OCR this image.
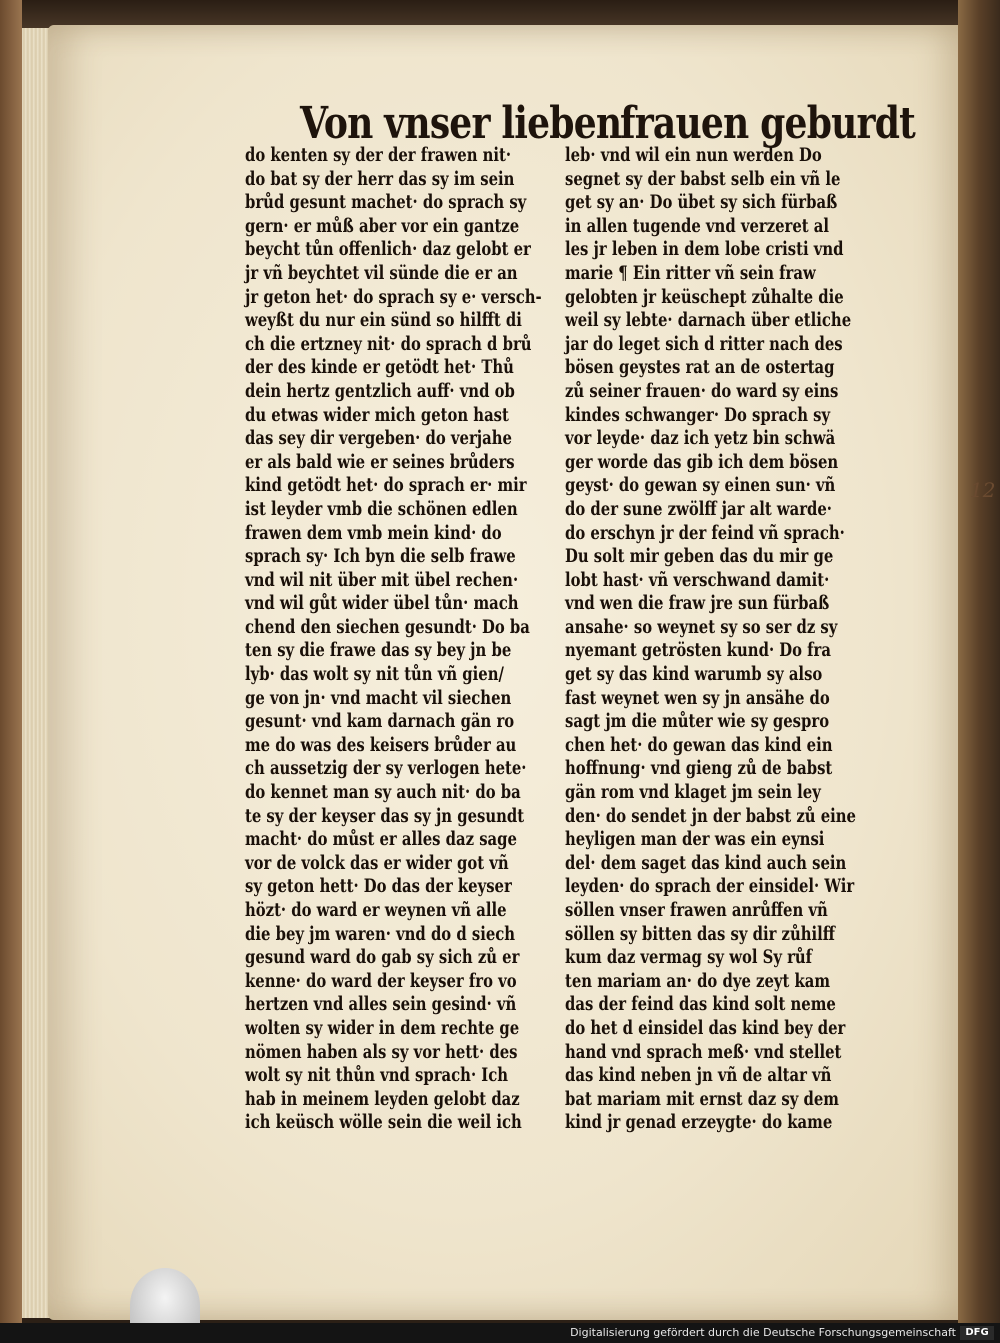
Von vnser lieben
frauen geburdt
do kenten sy der der frawen nit·
do bat sy der herr das sy im sein
brůd gesunt machet· do sprach sy
gern· er můß aber vor ein gantze
beycht tůn offenlich· daz gelobt er
jr vñ beychtet vil sünde die er an
jr geton het· do sprach sy e· versch-
weyßt du nur ein sünd so hilfft di
ch die ertzney nit· do sprach d brů
der des kinde er getödt het· Thů
dein hertz gentzlich auff· vnd ob
du etwas wider mich geton hast
das sey dir vergeben· do verjahe
er als bald wie er seines brůders
kind getödt het· do sprach er· mir
ist leyder vmb die schönen edlen
frawen dem vmb mein kind· do
sprach sy· Ich byn die selb frawe
vnd wil nit über mit übel rechen·
vnd wil gůt wider übel tůn· mach
chend den siechen gesundt· Do ba
ten sy die frawe das sy bey jn be
lyb· das wolt sy nit tůn vñ gien/
ge von jn· vnd macht vil siechen
gesunt· vnd kam darnach gän ro
me do was des keisers brůder au
ch aussetzig der sy verlogen hete·
do kennet man sy auch nit· do ba
te sy der keyser das sy jn gesundt
macht· do můst er alles daz sage
vor de volck das er wider got vñ
sy geton hett· Do das der keyser
hözt· do ward er weynen vñ alle
die bey jm waren· vnd do d siech
gesund ward do gab sy sich zů er
kenne· do ward der keyser fro vo
hertzen vnd alles sein gesind· vñ
wolten sy wider in dem rechte ge
nömen haben als sy vor hett· des
wolt sy nit thůn vnd sprach· Ich
hab in meinem leyden gelobt daz
ich keüsch wölle sein die weil ich
leb· vnd wil ein nun werden Do
segnet sy der babst selb ein vñ le
get sy an· Do übet sy sich fürbaß
in allen tugende vnd verzeret al
les jr leben in dem lobe cristi vnd
marie ¶ Ein ritter vñ sein fraw
gelobten jr keüschept zůhalte die
weil sy lebte· darnach über etliche
jar do leget sich d ritter nach des
bösen geystes rat an de ostertag
zů seiner frauen· do ward sy eins
kindes schwanger· Do sprach sy
vor leyde· daz ich yetz bin schwä
ger worde das gib ich dem bösen
geyst· do gewan sy einen sun· vñ
do der sune zwölff jar alt warde·
do erschyn jr der feind vñ sprach·
Du solt mir geben das du mir ge
lobt hast· vñ verschwand damit·
vnd wen die fraw jre sun fürbaß
ansahe· so weynet sy so ser dz sy
nyemant getrösten kund· Do fra
get sy das kind warumb sy also
fast weynet wen sy jn ansähe do
sagt jm die můter wie sy gespro
chen het· do gewan das kind ein
hoffnung· vnd gieng zů de babst
gän rom vnd klaget jm sein ley
den· do sendet jn der babst zů eine
heyligen man der was ein eynsi
del· dem saget das kind auch sein
leyden· do sprach der einsidel· Wir
söllen vnser frawen anrůffen vñ
söllen sy bitten das sy dir zůhilff
kum daz vermag sy wol Sy růf
ten mariam an· do dye zeyt kam
das der feind das kind solt neme
do het d einsidel das kind bey der
hand vnd sprach meß· vnd stellet
das kind neben jn vñ de altar vñ
bat mariam mit ernst daz sy dem
kind jr genad erzeygte· do kame
12
Digitalisierung gefördert durch die Deutsche Forschungsgemeinschaft DFG
